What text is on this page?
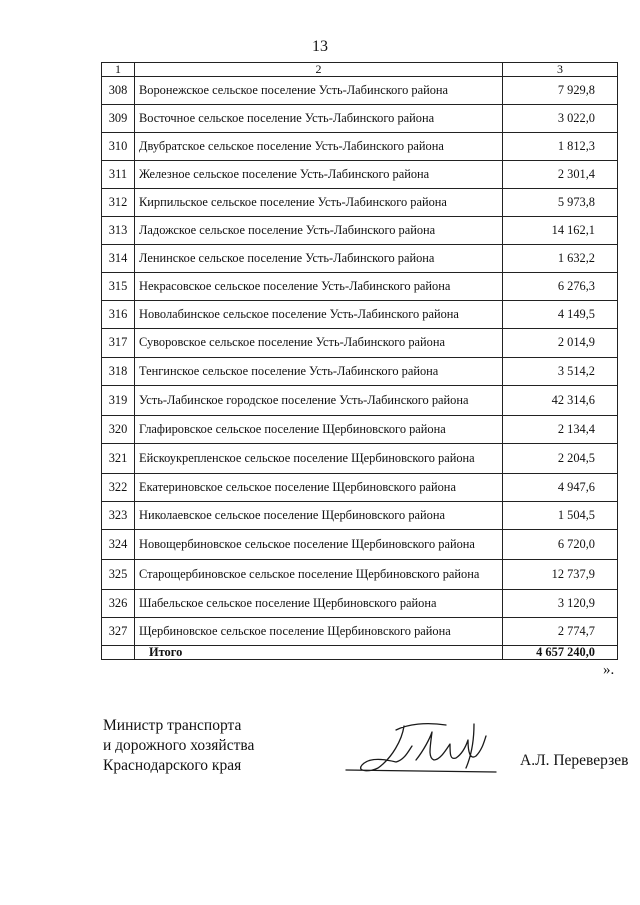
13
1	2	3
308	Воронежское сельское поселение Усть-Лабинского района	7 929,8
309	Восточное сельское поселение Усть-Лабинского района	3 022,0
310	Двубратское сельское поселение Усть-Лабинского района	1 812,3
311	Железное сельское поселение Усть-Лабинского района	2 301,4
312	Кирпильское сельское поселение Усть-Лабинского района	5 973,8
313	Ладожское сельское поселение Усть-Лабинского района	14 162,1
314	Ленинское сельское поселение Усть-Лабинского района	1 632,2
315	Некрасовское сельское поселение Усть-Лабинского района	6 276,3
316	Новолабинское сельское поселение Усть-Лабинского района	4 149,5
317	Суворовское сельское поселение Усть-Лабинского района	2 014,9
318	Тенгинское сельское поселение Усть-Лабинского района	3 514,2
319	Усть-Лабинское городское поселение Усть-Лабинского района	42 314,6
320	Глафировское сельское поселение Щербиновского района	2 134,4
321	Ейскоукрепленское сельское поселение Щербиновского района	2 204,5
322	Екатериновское сельское поселение Щербиновского района	4 947,6
323	Николаевское сельское поселение Щербиновского района	1 504,5
324	Новощербиновское сельское поселение Щербиновского района	6 720,0
325	Старощербиновское сельское поселение Щербиновского района	12 737,9
326	Шабельское сельское поселение Щербиновского района	3 120,9
327	Щербиновское сельское поселение Щербиновского района	2 774,7
	Итого	4 657 240,0
».
Министр транспорта
и дорожного хозяйства
Краснодарского края	А.Л. Переверзев
